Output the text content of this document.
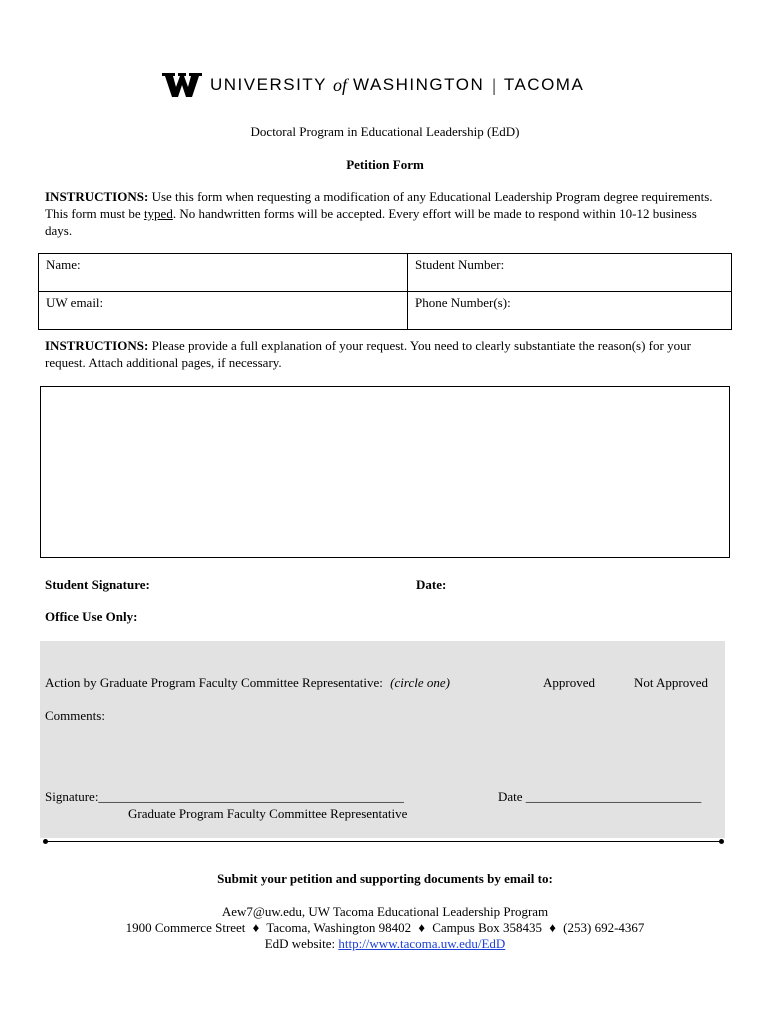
UNIVERSITY of WASHINGTON | TACOMA
Doctoral Program in Educational Leadership (EdD)
Petition Form
INSTRUCTIONS: Use this form when requesting a modification of any Educational Leadership Program degree requirements. This form must be typed. No handwritten forms will be accepted. Every effort will be made to respond within 10-12 business days.
Name:	Student Number:
UW email:	Phone Number(s):
INSTRUCTIONS: Please provide a full explanation of your request. You need to clearly substantiate the reason(s) for your request. Attach additional pages, if necessary.
Student Signature:	Date:
Office Use Only:
Action by Graduate Program Faculty Committee Representative: (circle one)	Approved	Not Approved
Comments:
Signature:_______________________________________________
Graduate Program Faculty Committee Representative
Date ___________________________
Submit your petition and supporting documents by email to:
Aew7@uw.edu, UW Tacoma Educational Leadership Program
1900 Commerce Street ♦ Tacoma, Washington 98402 ♦ Campus Box 358435 ♦ (253) 692-4367
EdD website: http://www.tacoma.uw.edu/EdD
